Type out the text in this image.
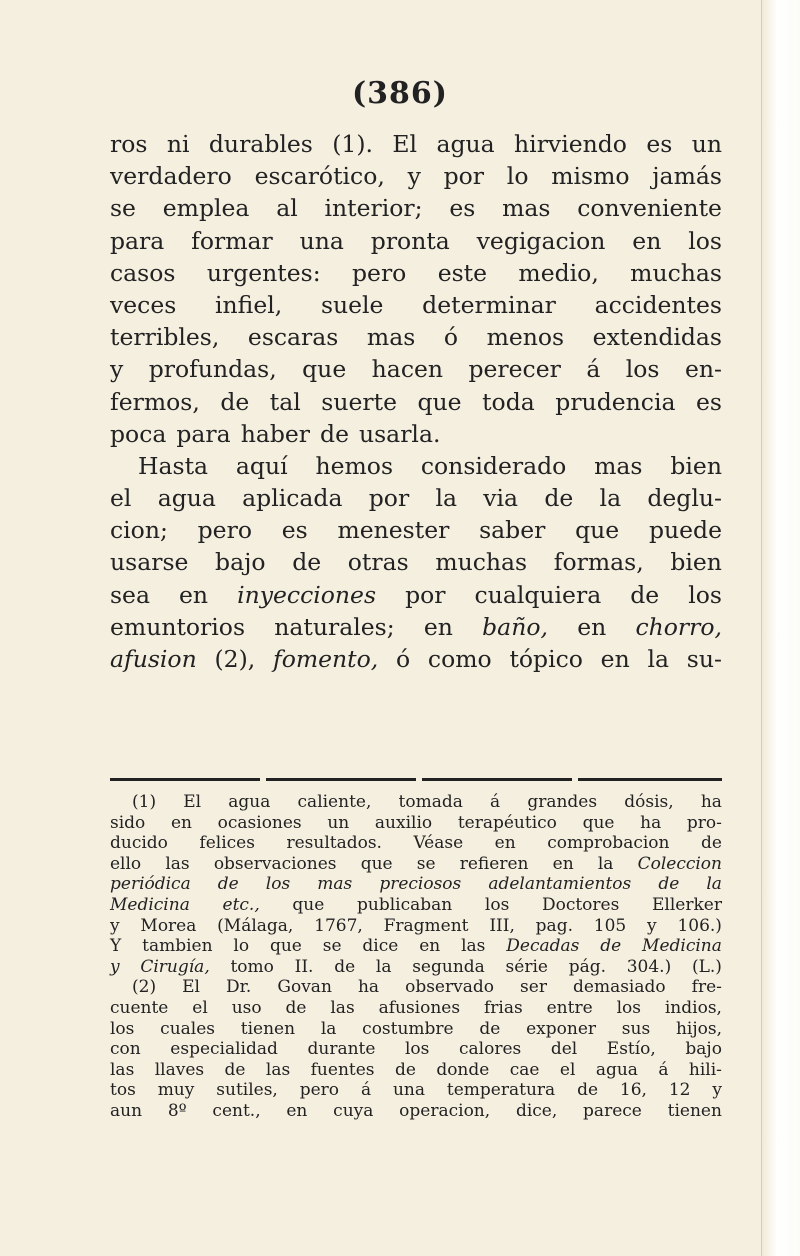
(386)
ros ni durables (1). El agua hirviendo es un
verdadero escarótico, y por lo mismo jamás
se emplea al interior; es mas conveniente
para formar una pronta vegigacion en los
casos urgentes: pero este medio, muchas
veces infiel, suele determinar accidentes
terribles, escaras mas ó menos extendidas
y profundas, que hacen perecer á los en-
fermos, de tal suerte que toda prudencia es
poca para haber de usarla.
Hasta aquí hemos considerado mas bien
el agua aplicada por la via de la deglu-
cion; pero es menester saber que puede
usarse bajo de otras muchas formas, bien
sea en inyecciones por cualquiera de los
emuntorios naturales; en baño, en chorro,
afusion (2), fomento, ó como tópico en la su-
(1) El agua caliente, tomada á grandes dósis, ha
sido en ocasiones un auxilio terapéutico que ha pro-
ducido felices resultados. Véase en comprobacion de
ello las observaciones que se refieren en la Coleccion
periódica de los mas preciosos adelantamientos de la
Medicina etc., que publicaban los Doctores Ellerker
y Morea (Málaga, 1767, Fragment III, pag. 105 y 106.)
Y tambien lo que se dice en las Decadas de Medicina
y Cirugía, tomo II. de la segunda série pág. 304.) (L.)
(2) El Dr. Govan ha observado ser demasiado fre-
cuente el uso de las afusiones frias entre los indios,
los cuales tienen la costumbre de exponer sus hijos,
con especialidad durante los calores del Estío, bajo
las llaves de las fuentes de donde cae el agua á hili-
tos muy sutiles, pero á una temperatura de 16, 12 y
aun 8º cent., en cuya operacion, dice, parece tienen
